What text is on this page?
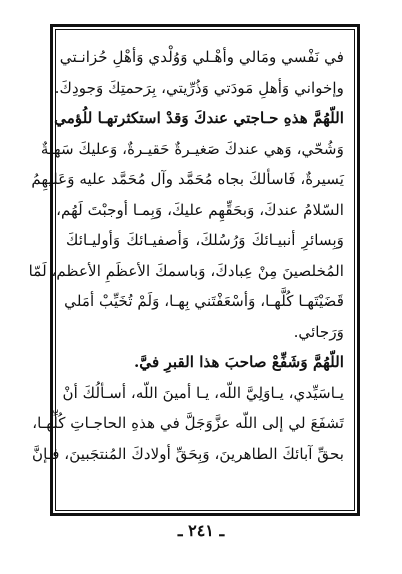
في نَفْسي ومَالي وأهْـلي وَوُلْدي وَأهْلِ حُزانـتي
وإخواني وَأهلِ مَودَتي وَذُرِّيتي، بِرَحمتِكَ وَجودِكَ.
اللّهُمَّ هذهِ حـاجتي عندكَ وَقدْ استكثرتهـا للُؤمي
وَشُحّي، وَهي عندكَ صَغيـرةٌ حَقيـرةٌ، وَعليكَ سَهلةٌ
يَسيرةٌ، فَاسألكَ بجاه مُحَمَّد وآل مُحَمَّد عليه وَعَليهِمُ
السّلامُ عندكَ، وَبحَقِّهِم عليكَ، وَبِمـا أوجبْتَ لَهُم،
وَبِسائرِ أنبيـائكَ وَرُسُلكَ، وَأصفيـائكَ وَأوليـائكَ
المُخلصينَ مِنْ عِبادكَ، وَباسمكَ الأعظَمِ الأعظم، لَمّا
قَضَيْتَهـا كُلَّهـا، وَأسْعَفْتَني بِهـا، وَلَمْ تُخَيِّبْ أمَلي
وَرَجائي.
اللّهُمَّ وَشَفِّعْ صاحبَ هذا القبرِ فيَّ.
يـاسَيِّدي، يـاوَلِيَّ اللّه، يـا أمينَ اللّه، أسـألُكَ أنْ
تَشفَعَ لي إلى اللّه عزَّوَجَلَّ في هذهِ الحاجـاتِ كُلِّهـا،
بحقِّ آبائكَ الطاهرينَ، وَبِحَقِّ أولادكَ المُنتجَبينَ، فـإنَّ
ـ ٢٤١ ـ
